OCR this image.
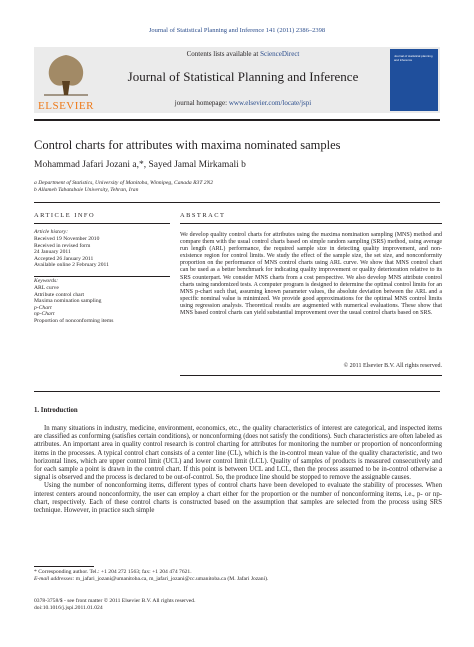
Journal of Statistical Planning and Inference 141 (2011) 2386–2398
ELSEVIER
Contents lists available at ScienceDirect
Journal of Statistical Planning and Inference
journal homepage: www.elsevier.com/locate/jspi
Journal of statistical planning and inference
Control charts for attributes with maxima nominated samples
Mohammad Jafari Jozani a,*, Sayed Jamal Mirkamali b
a Department of Statistics, University of Manitoba, Winnipeg, Canada R3T 2N2
b Allameh Tabatabaie University, Tehran, Iran
ARTICLE INFO
Article history:
Received 19 November 2010
Received in revised form
24 January 2011
Accepted 26 January 2011
Available online 2 February 2011
Keywords:
ARL curve
Attribute control chart
Maxima nomination sampling
p-Chart
np-Chart
Proportion of nonconforming items
ABSTRACT
We develop quality control charts for attributes using the maxima nomination sampling (MNS) method and compare them with the usual control charts based on simple random sampling (SRS) method, using average run length (ARL) performance, the required sample size in detecting quality improvement, and non-existence region for control limits. We study the effect of the sample size, the set size, and nonconformity proportion on the performance of MNS control charts using ARL curve. We show that MNS control chart can be used as a better benchmark for indicating quality improvement or quality deterioration relative to its SRS counterpart. We consider MNS charts from a cost perspective. We also develop MNS attribute control charts using randomized tests. A computer program is designed to determine the optimal control limits for an MNS p-chart such that, assuming known parameter values, the absolute deviation between the ARL and a specific nominal value is minimized. We provide good approximations for the optimal MNS control limits using regression analysis. Theoretical results are augmented with numerical evaluations. These show that MNS based control charts can yield substantial improvement over the usual control charts based on SRS.
© 2011 Elsevier B.V. All rights reserved.
1. Introduction

In many situations in industry, medicine, environment, economics, etc., the quality characteristics of interest are categorical, and inspected items are classified as conforming (satisfies certain conditions), or nonconforming (does not satisfy the conditions). Such characteristics are often labeled as attributes. An important area in quality control research is control charting for attributes for monitoring the number or proportion of nonconforming items in the processes. A typical control chart consists of a center line (CL), which is the in-control mean value of the quality characteristic, and two horizontal lines, which are upper control limit (UCL) and lower control limit (LCL). Quality of samples of products is measured consecutively and for each sample a point is drawn in the control chart. If this point is between UCL and LCL, then the process assumed to be in-control otherwise a signal is observed and the process is declared to be out-of-control. So, the produce line should be stopped to remove the assignable causes.

Using the number of nonconforming items, different types of control charts have been developed to evaluate the stability of processes. When interest centers around nonconformity, the user can employ a chart either for the proportion or the number of nonconforming items, i.e., p- or np-chart, respectively. Each of these control charts is constructed based on the assumption that samples are selected from the process using SRS technique. However, in practice such simple

* Corresponding author. Tel.: +1 204 272 1563; fax: +1 204 474 7621.
E-mail addresses: m_jafari_jozani@umanitoba.ca, m_jafari_jozani@cc.umanitoba.ca (M. Jafari Jozani).
0378-3758/$ - see front matter © 2011 Elsevier B.V. All rights reserved.
doi:10.1016/j.jspi.2011.01.024
